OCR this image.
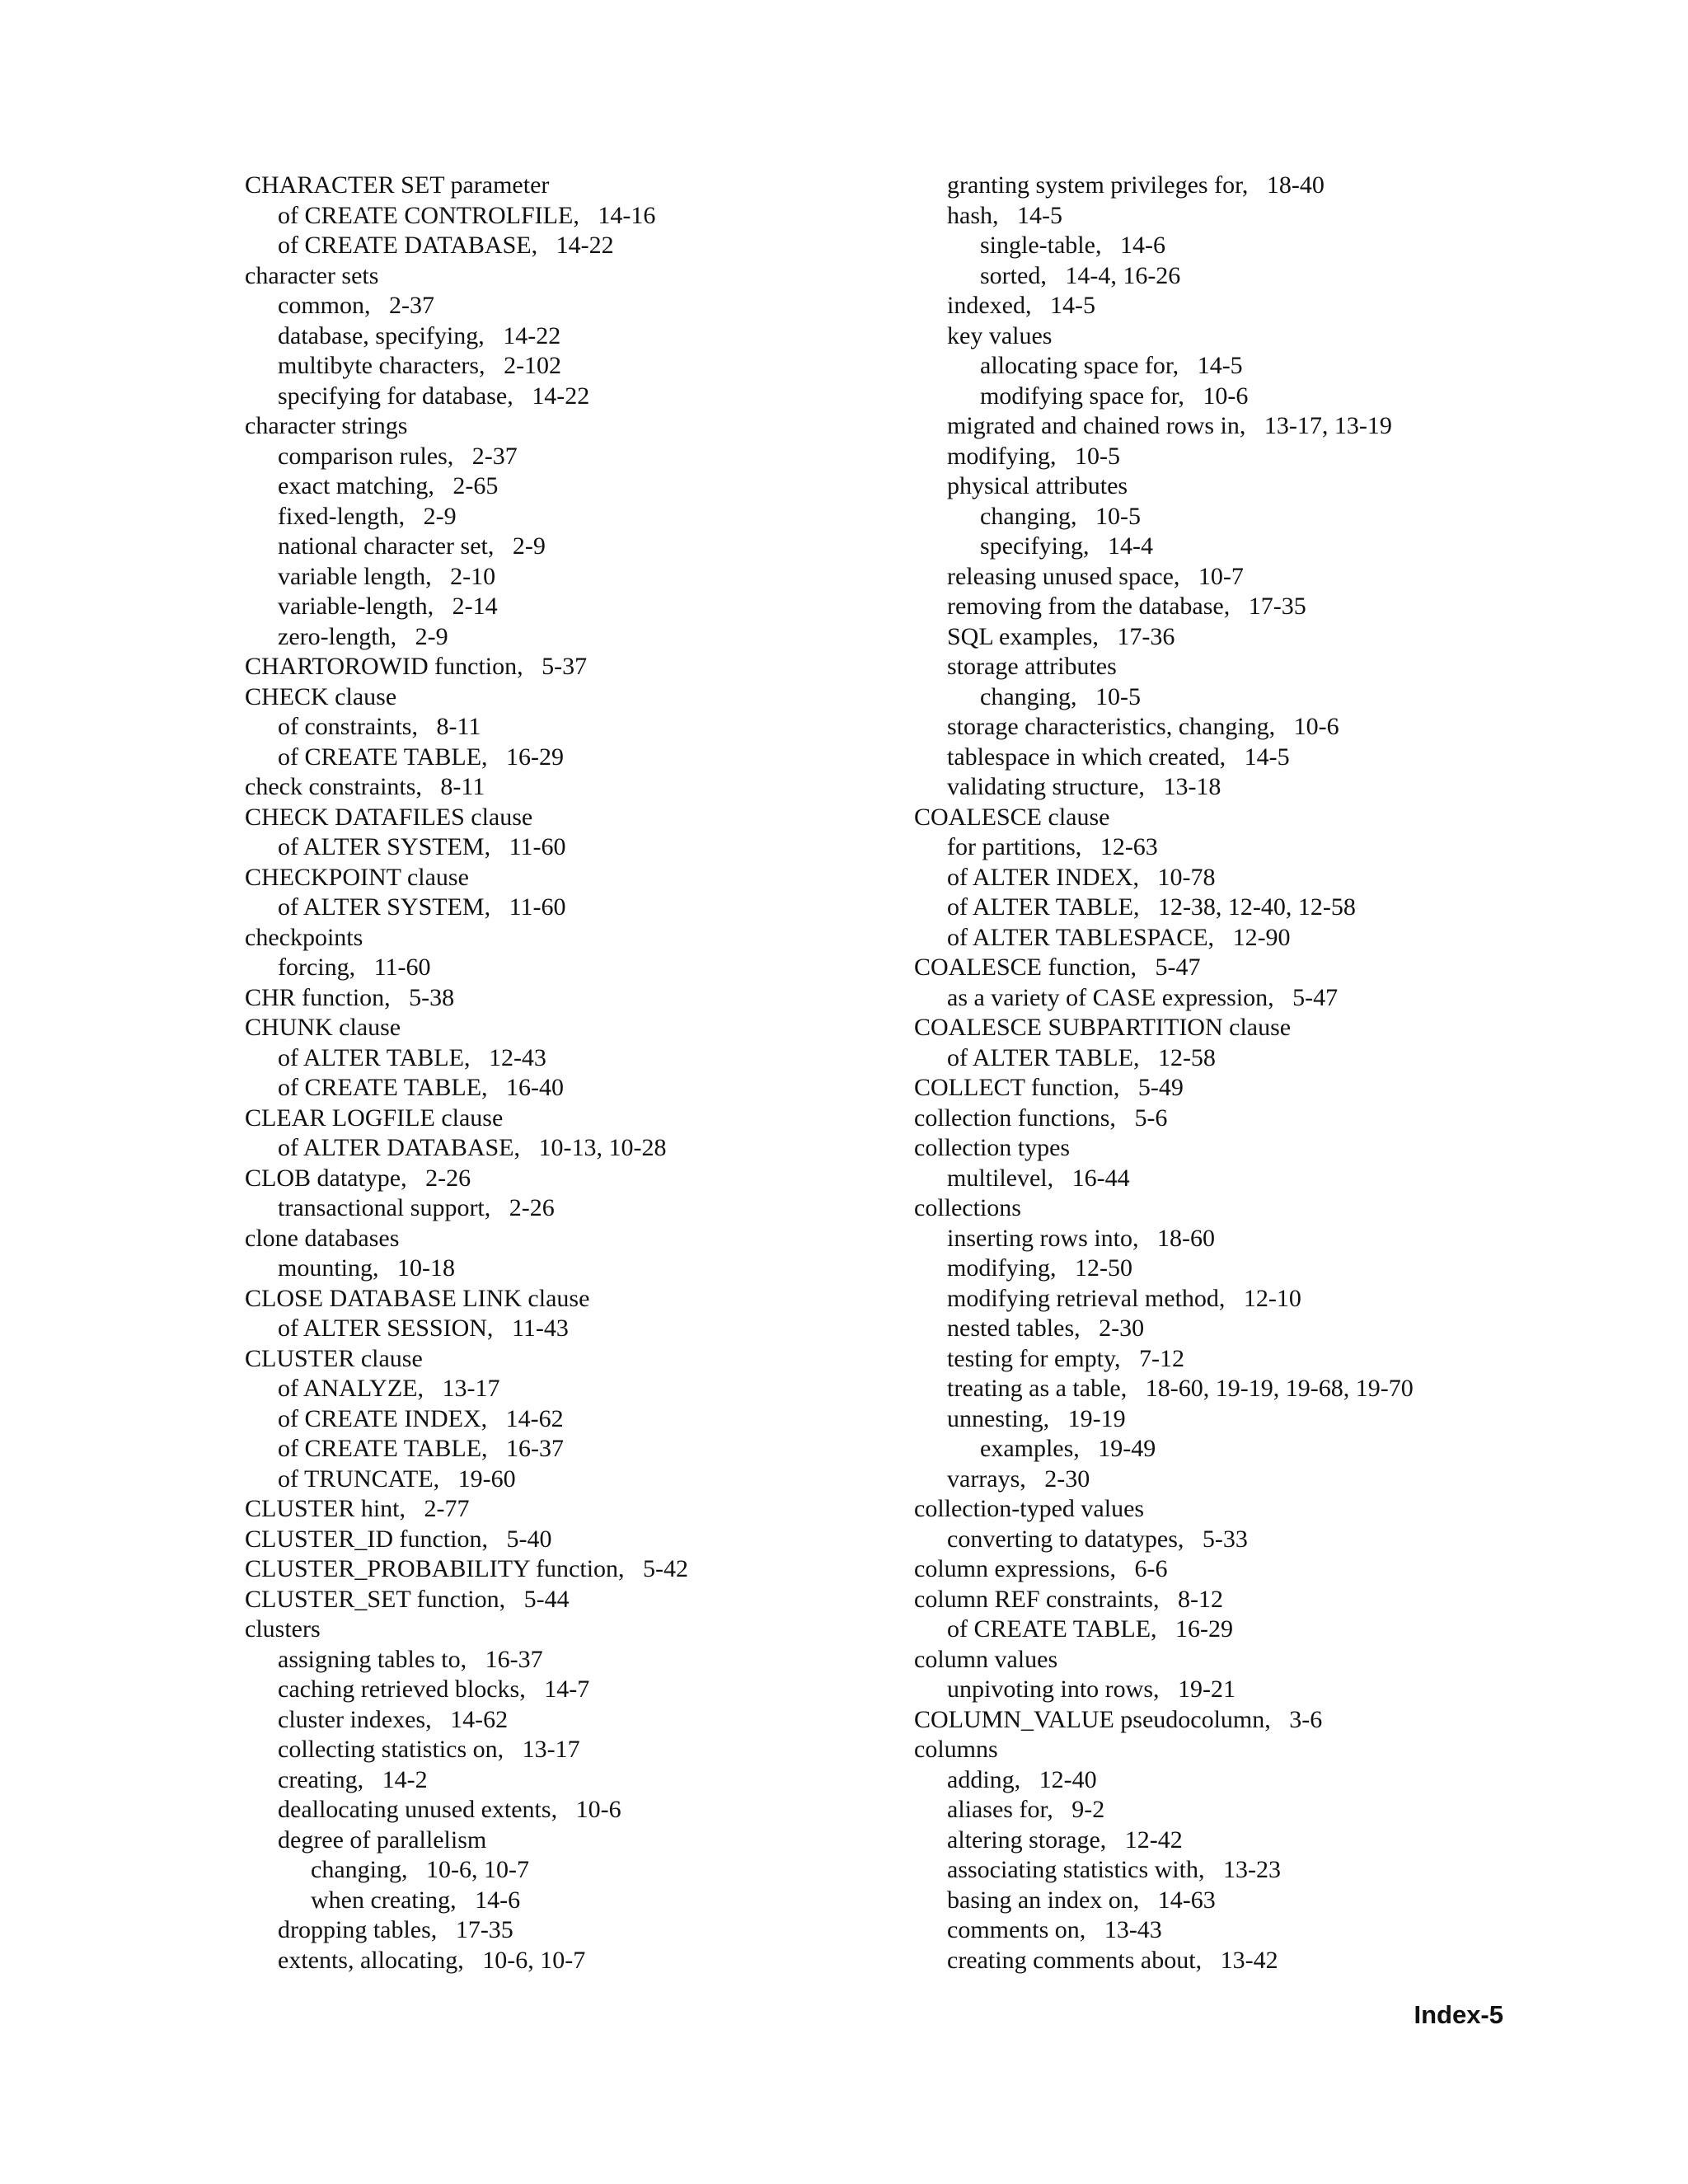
CHARACTER SET parameter
of CREATE CONTROLFILE, 14-16
of CREATE DATABASE, 14-22
character sets
common, 2-37
database, specifying, 14-22
multibyte characters, 2-102
specifying for database, 14-22
character strings
comparison rules, 2-37
exact matching, 2-65
fixed-length, 2-9
national character set, 2-9
variable length, 2-10
variable-length, 2-14
zero-length, 2-9
CHARTOROWID function, 5-37
CHECK clause
of constraints, 8-11
of CREATE TABLE, 16-29
check constraints, 8-11
CHECK DATAFILES clause
of ALTER SYSTEM, 11-60
CHECKPOINT clause
of ALTER SYSTEM, 11-60
checkpoints
forcing, 11-60
CHR function, 5-38
CHUNK clause
of ALTER TABLE, 12-43
of CREATE TABLE, 16-40
CLEAR LOGFILE clause
of ALTER DATABASE, 10-13, 10-28
CLOB datatype, 2-26
transactional support, 2-26
clone databases
mounting, 10-18
CLOSE DATABASE LINK clause
of ALTER SESSION, 11-43
CLUSTER clause
of ANALYZE, 13-17
of CREATE INDEX, 14-62
of CREATE TABLE, 16-37
of TRUNCATE, 19-60
CLUSTER hint, 2-77
CLUSTER_ID function, 5-40
CLUSTER_PROBABILITY function, 5-42
CLUSTER_SET function, 5-44
clusters
assigning tables to, 16-37
caching retrieved blocks, 14-7
cluster indexes, 14-62
collecting statistics on, 13-17
creating, 14-2
deallocating unused extents, 10-6
degree of parallelism
changing, 10-6, 10-7
when creating, 14-6
dropping tables, 17-35
extents, allocating, 10-6, 10-7
granting system privileges for, 18-40
hash, 14-5
single-table, 14-6
sorted, 14-4, 16-26
indexed, 14-5
key values
allocating space for, 14-5
modifying space for, 10-6
migrated and chained rows in, 13-17, 13-19
modifying, 10-5
physical attributes
changing, 10-5
specifying, 14-4
releasing unused space, 10-7
removing from the database, 17-35
SQL examples, 17-36
storage attributes
changing, 10-5
storage characteristics, changing, 10-6
tablespace in which created, 14-5
validating structure, 13-18
COALESCE clause
for partitions, 12-63
of ALTER INDEX, 10-78
of ALTER TABLE, 12-38, 12-40, 12-58
of ALTER TABLESPACE, 12-90
COALESCE function, 5-47
as a variety of CASE expression, 5-47
COALESCE SUBPARTITION clause
of ALTER TABLE, 12-58
COLLECT function, 5-49
collection functions, 5-6
collection types
multilevel, 16-44
collections
inserting rows into, 18-60
modifying, 12-50
modifying retrieval method, 12-10
nested tables, 2-30
testing for empty, 7-12
treating as a table, 18-60, 19-19, 19-68, 19-70
unnesting, 19-19
examples, 19-49
varrays, 2-30
collection-typed values
converting to datatypes, 5-33
column expressions, 6-6
column REF constraints, 8-12
of CREATE TABLE, 16-29
column values
unpivoting into rows, 19-21
COLUMN_VALUE pseudocolumn, 3-6
columns
adding, 12-40
aliases for, 9-2
altering storage, 12-42
associating statistics with, 13-23
basing an index on, 14-63
comments on, 13-43
creating comments about, 13-42
Index-5
